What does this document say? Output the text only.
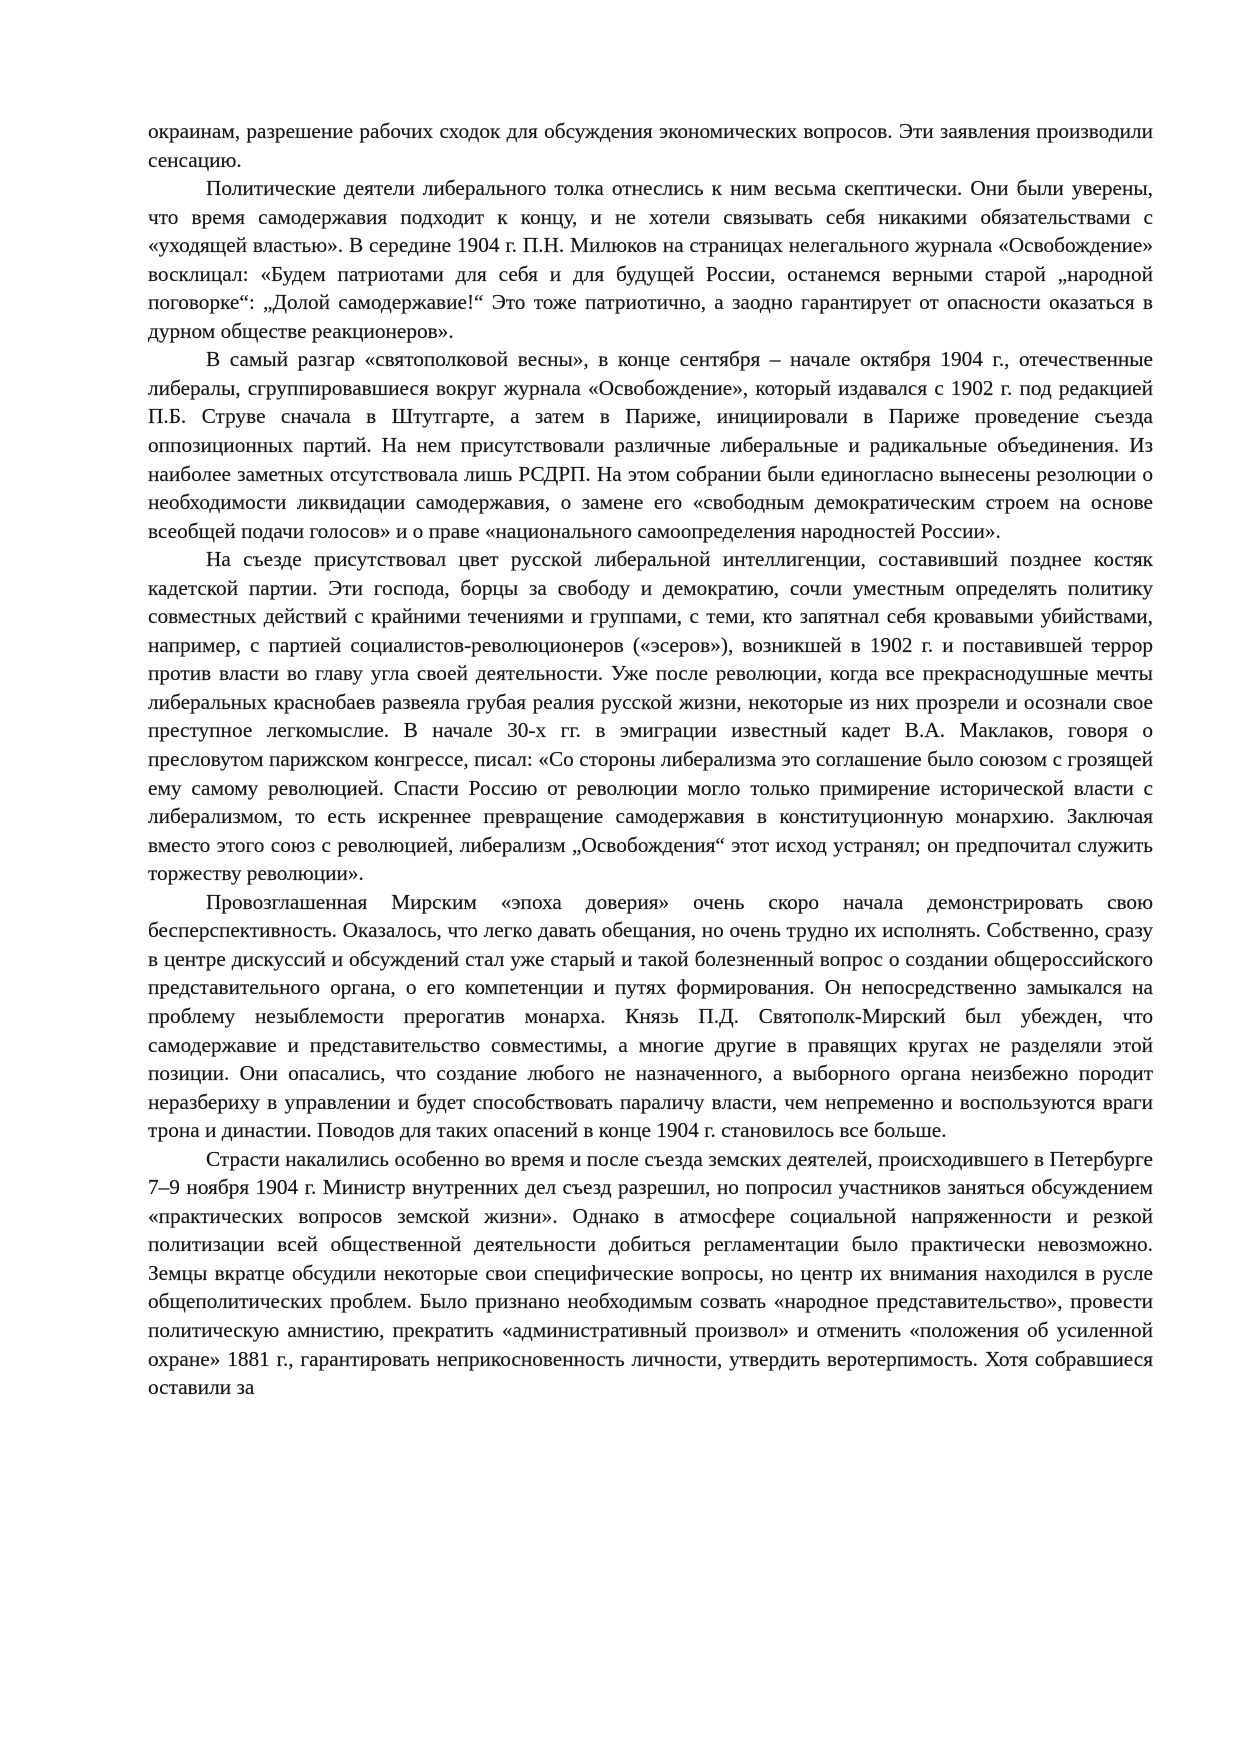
окраинам, разрешение рабочих сходок для обсуждения экономических вопросов. Эти заявления производили сенсацию.

Политические деятели либерального толка отнеслись к ним весьма скептически. Они были уверены, что время самодержавия подходит к концу, и не хотели связывать себя никакими обязательствами с «уходящей властью». В середине 1904 г. П.Н. Милюков на страницах нелегального журнала «Освобождение» восклицал: «Будем патриотами для себя и для будущей России, останемся верными старой „народной поговорке“: „Долой самодержавие!“ Это тоже патриотично, а заодно гарантирует от опасности оказаться в дурном обществе реакционеров».

В самый разгар «святополковой весны», в конце сентября – начале октября 1904 г., отечественные либералы, сгруппировавшиеся вокруг журнала «Освобождение», который издавался с 1902 г. под редакцией П.Б. Струве сначала в Штутгарте, а затем в Париже, инициировали в Париже проведение съезда оппозиционных партий. На нем присутствовали различные либеральные и радикальные объединения. Из наиболее заметных отсутствовала лишь РСДРП. На этом собрании были единогласно вынесены резолюции о необходимости ликвидации самодержавия, о замене его «свободным демократическим строем на основе всеобщей подачи голосов» и о праве «национального самоопределения народностей России».

На съезде присутствовал цвет русской либеральной интеллигенции, составивший позднее костяк кадетской партии. Эти господа, борцы за свободу и демократию, сочли уместным определять политику совместных действий с крайними течениями и группами, с теми, кто запятнал себя кровавыми убийствами, например, с партией социалистов-революционеров («эсеров»), возникшей в 1902 г. и поставившей террор против власти во главу угла своей деятельности. Уже после революции, когда все прекраснодушные мечты либеральных краснобаев развеяла грубая реалия русской жизни, некоторые из них прозрели и осознали свое преступное легкомыслие. В начале 30-х гг. в эмиграции известный кадет В.А. Маклаков, говоря о пресловутом парижском конгрессе, писал: «Со стороны либерализма это соглашение было союзом с грозящей ему самому революцией. Спасти Россию от революции могло только примирение исторической власти с либерализмом, то есть искреннее превращение самодержавия в конституционную монархию. Заключая вместо этого союз с революцией, либерализм „Освобождения“ этот исход устранял; он предпочитал служить торжеству революции».

Провозглашенная Мирским «эпоха доверия» очень скоро начала демонстрировать свою бесперспективность. Оказалось, что легко давать обещания, но очень трудно их исполнять. Собственно, сразу в центре дискуссий и обсуждений стал уже старый и такой болезненный вопрос о создании общероссийского представительного органа, о его компетенции и путях формирования. Он непосредственно замыкался на проблему незыблемости прерогатив монарха. Князь П.Д. Святополк-Мирский был убежден, что самодержавие и представительство совместимы, а многие другие в правящих кругах не разделяли этой позиции. Они опасались, что создание любого не назначенного, а выборного органа неизбежно породит неразбериху в управлении и будет способствовать параличу власти, чем непременно и воспользуются враги трона и династии. Поводов для таких опасений в конце 1904 г. становилось все больше.

Страсти накалились особенно во время и после съезда земских деятелей, происходившего в Петербурге 7–9 ноября 1904 г. Министр внутренних дел съезд разрешил, но попросил участников заняться обсуждением «практических вопросов земской жизни». Однако в атмосфере социальной напряженности и резкой политизации всей общественной деятельности добиться регламентации было практически невозможно. Земцы вкратце обсудили некоторые свои специфические вопросы, но центр их внимания находился в русле общеполитических проблем. Было признано необходимым созвать «народное представительство», провести политическую амнистию, прекратить «административный произвол» и отменить «положения об усиленной охране» 1881 г., гарантировать неприкосновенность личности, утвердить веротерпимость. Хотя собравшиеся оставили за
